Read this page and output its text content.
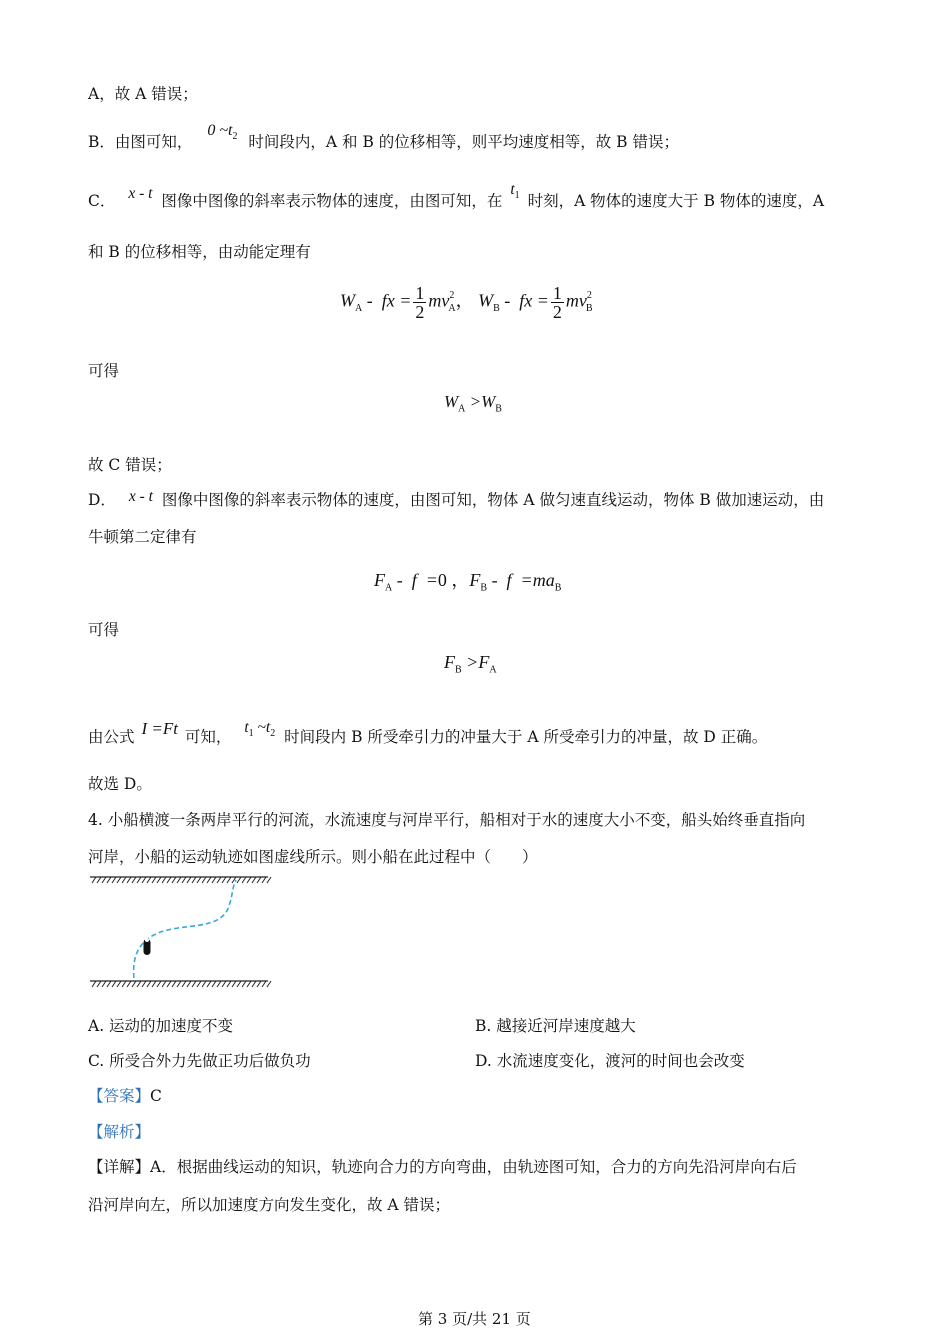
A，故 A 错误；
B．由图可知， 0 $\sim t_2$ 时间段内，A 和 B 的位移相等，则平均速度相等，故 B 错误；
C． x - t 图像中图像的斜率表示物体的速度，由图可知，在 $t_1$ 时刻，A 物体的速度大于 B 物体的速度，A
和 B 的位移相等，由动能定理有
$W_A$ -  fx = $\frac{1}{2} mv^2_A$， $W_B$ -  fx = $\frac{1}{2} mv^2_B$
可得
$W_A >W_B$
故 C 错误；
D． x - t 图像中图像的斜率表示物体的速度，由图可知，物体 A 做匀速直线运动，物体 B 做加速运动，由
牛顿第二定律有
$F_A - f =0$ ，$F_B - f =ma_B$
可得
$F_B >F_A$
由公式 I =Ft 可知， $t_1$ $\sim t_2$ 时间段内 B 所受牵引力的冲量大于 A 所受牵引力的冲量，故 D 正确。
故选 D。
4. 小船横渡一条两岸平行的河流，水流速度与河岸平行，船相对于水的速度大小不变，船头始终垂直指向
河岸，小船的运动轨迹如图虚线所示。则小船在此过程中（　　）
A. 运动的加速度不变	B. 越接近河岸速度越大
C. 所受合外力先做正功后做负功	D. 水流速度变化，渡河的时间也会改变
【答案】C
【解析】
【详解】A．根据曲线运动的知识，轨迹向合力的方向弯曲，由轨迹图可知，合力的方向先沿河岸向右后
沿河岸向左，所以加速度方向发生变化，故 A 错误；
第 3 页/共 21 页
